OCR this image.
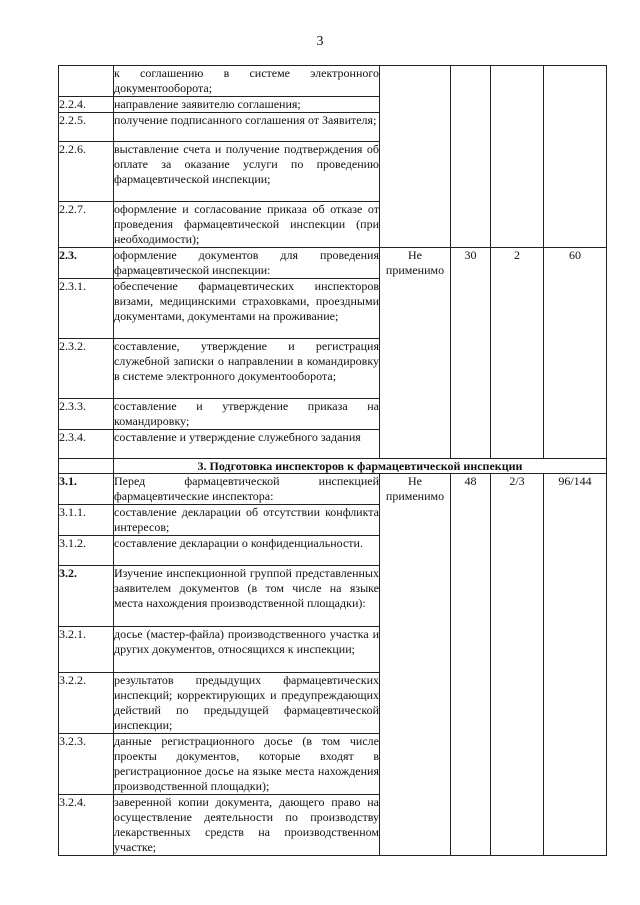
3
	к соглашению в системе электронного документооборота;				
2.2.4.	направление заявителю соглашения;				
2.2.5.	получение подписанного соглашения от Заявителя;				
2.2.6.	выставление счета и получение подтверждения об оплате за оказание услуги по проведению фармацевтической инспекции;				
2.2.7.	оформление и согласование приказа об отказе от проведения фармацевтической инспекции (при необходимости);				
2.3.	оформление документов для проведения фармацевтической инспекции:	Не применимо	30	2	60
2.3.1.	обеспечение фармацевтических инспекторов визами, медицинскими страховками, проездными документами, документами на проживание;				
2.3.2.	составление, утверждение и регистрация служебной записки о направлении в командировку в системе электронного документооборота;				
2.3.3.	составление и утверждение приказа на командировку;				
2.3.4.	составление и утверждение служебного задания				
	3. Подготовка инспекторов к фармацевтической инспекции				
3.1.	Перед фармацевтической инспекцией фармацевтические инспектора:	Не применимо	48	2/3	96/144
3.1.1.	составление декларации об отсутствии конфликта интересов;				
3.1.2.	составление декларации о конфиденциальности.				
3.2.	Изучение инспекционной группой представленных заявителем документов (в том числе на языке места нахождения производственной площадки):				
3.2.1.	досье (мастер-файла) производственного участка и других документов, относящихся к инспекции;				
3.2.2.	результатов предыдущих фармацевтических инспекций; корректирующих и предупреждающих действий по предыдущей фармацевтической инспекции;				
3.2.3.	данные регистрационного досье (в том числе проекты документов, которые входят в регистрационное досье на языке места нахождения производственной площадки);				
3.2.4.	заверенной копии документа, дающего право на осуществление деятельности по производству лекарственных средств на производственном участке;				
